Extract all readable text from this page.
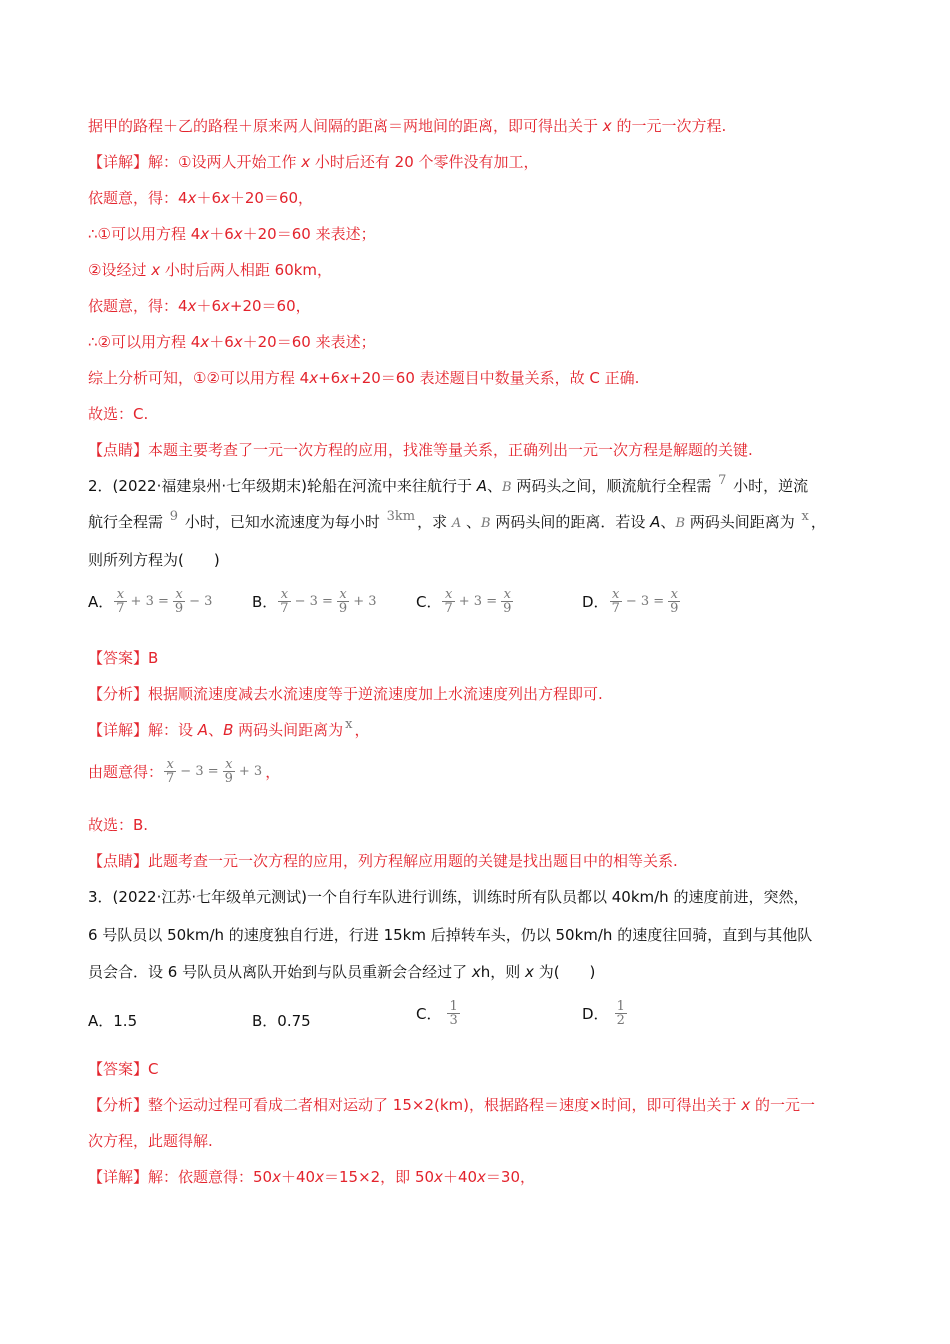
据甲的路程＋乙的路程＋原来两人间隔的距离＝两地间的距离，即可得出关于 x 的一元一次方程.
【详解】解：①设两人开始工作 x 小时后还有 20 个零件没有加工，
依题意，得：4x＋6x＋20＝60，
∴①可以用方程 4x＋6x＋20＝60 来表述；
②设经过 x 小时后两人相距 60km，
依题意，得：4x＋6x+20＝60，
∴②可以用方程 4x＋6x＋20＝60 来表述；
综上分析可知，①②可以用方程 4x+6x+20＝60 表述题目中数量关系，故 C 正确.
故选：C.
【点睛】本题主要考查了一元一次方程的应用，找准等量关系，正确列出一元一次方程是解题的关键.
2．(2022·福建泉州·七年级期末)轮船在河流中来往航行于 A、B 两码头之间，顺流航行全程需 7 小时，逆流
航行全程需 9 小时，已知水流速度为每小时 3km ，求 A 、B 两码头间的距离．若设 A、B 两码头间距离为 x ，
则所列方程为(　　)
A． $\frac{x}{7} + 3 = \frac{x}{9} - 3$	B． $\frac{x}{7} - 3 = \frac{x}{9} + 3$	C． $\frac{x}{7} + 3 = \frac{x}{9}$	D． $\frac{x}{7} - 3 = \frac{x}{9}$
【答案】B
【分析】根据顺流速度减去水流速度等于逆流速度加上水流速度列出方程即可.
【详解】解：设 A、B 两码头间距离为 x ，
由题意得： $\frac{x}{7} - 3 = \frac{x}{9} + 3$ ，
故选：B.
【点睛】此题考查一元一次方程的应用，列方程解应用题的关键是找出题目中的相等关系.
3．(2022·江苏·七年级单元测试)一个自行车队进行训练，训练时所有队员都以 40km/h 的速度前进，突然，
6 号队员以 50km/h 的速度独自行进，行进 15km 后掉转车头，仍以 50km/h 的速度往回骑，直到与其他队
员会合．设 6 号队员从离队开始到与队员重新会合经过了 xh，则 x 为(　　)
A．1.5	B．0.75	C． $\frac{1}{3}$	D． $\frac{1}{2}$
【答案】C
【分析】整个运动过程可看成二者相对运动了 15×2(km)，根据路程＝速度×时间，即可得出关于 x 的一元一
次方程，此题得解.
【详解】解：依题意得：50x＋40x＝15×2，即 50x＋40x＝30，
